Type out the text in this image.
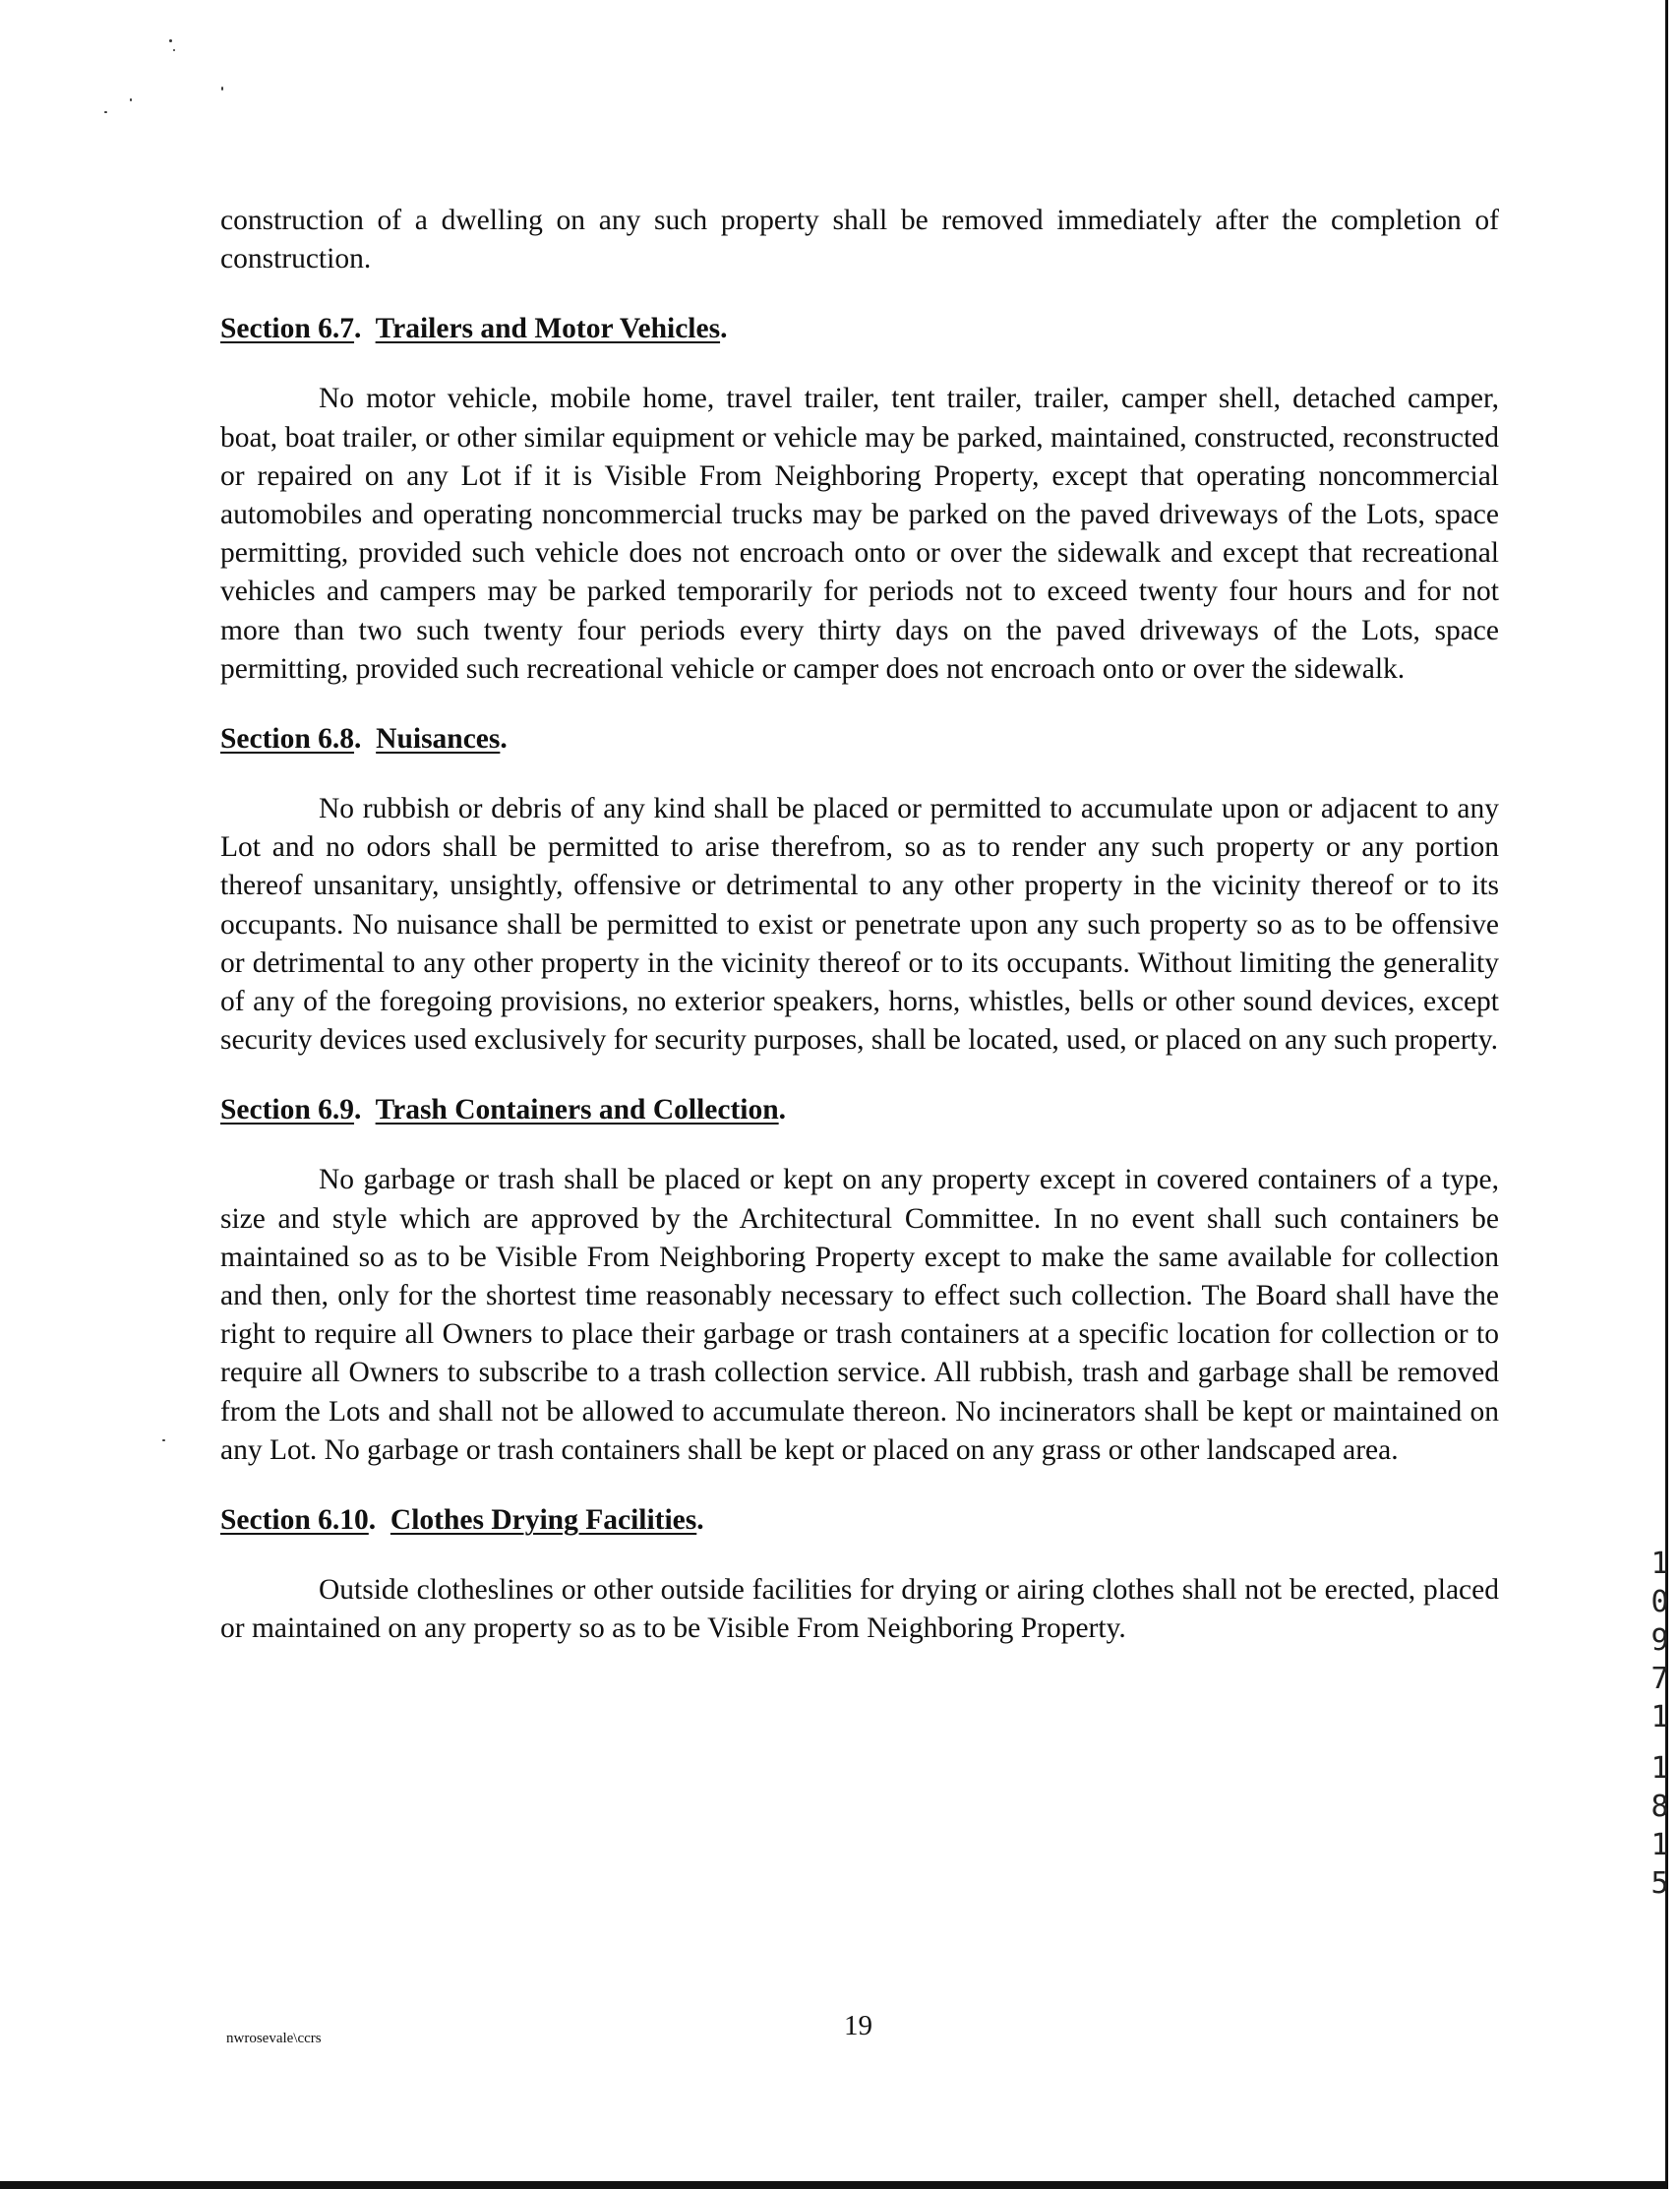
construction of a dwelling on any such property shall be removed immediately after the completion of construction.

Section 6.7.  Trailers and Motor Vehicles.

No motor vehicle, mobile home, travel trailer, tent trailer, trailer, camper shell, detached camper, boat, boat trailer, or other similar equipment or vehicle may be parked, maintained, constructed, reconstructed or repaired on any Lot if it is Visible From Neighboring Property, except that operating noncommercial automobiles and operating noncommercial trucks may be parked on the paved driveways of the Lots, space permitting, provided such vehicle does not encroach onto or over the sidewalk and except that recreational vehicles and campers may be parked temporarily for periods not to exceed twenty four hours and for not more than two such twenty four periods every thirty days on the paved driveways of the Lots, space permitting, provided such recreational vehicle or camper does not encroach onto or over the sidewalk.

Section 6.8.  Nuisances.

No rubbish or debris of any kind shall be placed or permitted to accumulate upon or adjacent to any Lot and no odors shall be permitted to arise therefrom, so as to render any such property or any portion thereof unsanitary, unsightly, offensive or detrimental to any other property in the vicinity thereof or to its occupants. No nuisance shall be permitted to exist or penetrate upon any such property so as to be offensive or detrimental to any other property in the vicinity thereof or to its occupants. Without limiting the generality of any of the foregoing provisions, no exterior speakers, horns, whistles, bells or other sound devices, except security devices used exclusively for security purposes, shall be located, used, or placed on any such property.

Section 6.9.  Trash Containers and Collection.

No garbage or trash shall be placed or kept on any property except in covered containers of a type, size and style which are approved by the Architectural Committee. In no event shall such containers be maintained so as to be Visible From Neighboring Property except to make the same available for collection and then, only for the shortest time reasonably necessary to effect such collection. The Board shall have the right to require all Owners to place their garbage or trash containers at a specific location for collection or to require all Owners to subscribe to a trash collection service. All rubbish, trash and garbage shall be removed from the Lots and shall not be allowed to accumulate thereon. No incinerators shall be kept or maintained on any Lot. No garbage or trash containers shall be kept or placed on any grass or other landscaped area.

Section 6.10.  Clothes Drying Facilities.

Outside clotheslines or other outside facilities for drying or airing clothes shall not be erected, placed or maintained on any property so as to be Visible From Neighboring Property.

nwrosevale\ccrs	19
10971
1815
